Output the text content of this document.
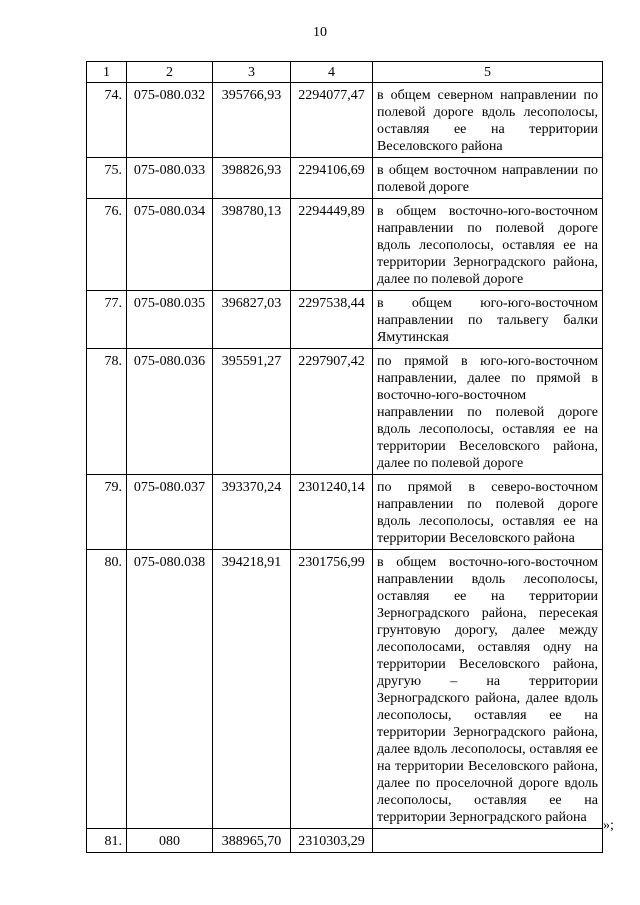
10
1	2	3	4	5
74.	075-080.032	395766,93	2294077,47	в общем северном направлении по полевой дороге вдоль лесополосы, оставляя ее на территории Веселовского района
75.	075-080.033	398826,93	2294106,69	в общем восточном направлении по полевой дороге
76.	075-080.034	398780,13	2294449,89	в общем восточно-юго-восточном направлении по полевой дороге вдоль лесополосы, оставляя ее на территории Зерноградского района, далее по полевой дороге
77.	075-080.035	396827,03	2297538,44	в общем юго-юго-восточном направлении по тальвегу балки Ямутинская
78.	075-080.036	395591,27	2297907,42	по прямой в юго-юго-восточном направлении, далее по прямой в восточно-юго-восточном направлении по полевой дороге вдоль лесополосы, оставляя ее на территории Веселовского района, далее по полевой дороге
79.	075-080.037	393370,24	2301240,14	по прямой в северо-восточном направлении по полевой дороге вдоль лесополосы, оставляя ее на территории Веселовского района
80.	075-080.038	394218,91	2301756,99	в общем восточно-юго-восточном направлении вдоль лесополосы, оставляя ее на территории Зерноградского района, пересекая грунтовую дорогу, далее между лесополосами, оставляя одну на территории Веселовского района, другую – на территории Зерноградского района, далее вдоль лесополосы, оставляя ее на территории Зерноградского района, далее вдоль лесополосы, оставляя ее на территории Веселовского района, далее по проселочной дороге вдоль лесополосы, оставляя ее на территории Зерноградского района
81.	080	388965,70	2310303,29	
»;
